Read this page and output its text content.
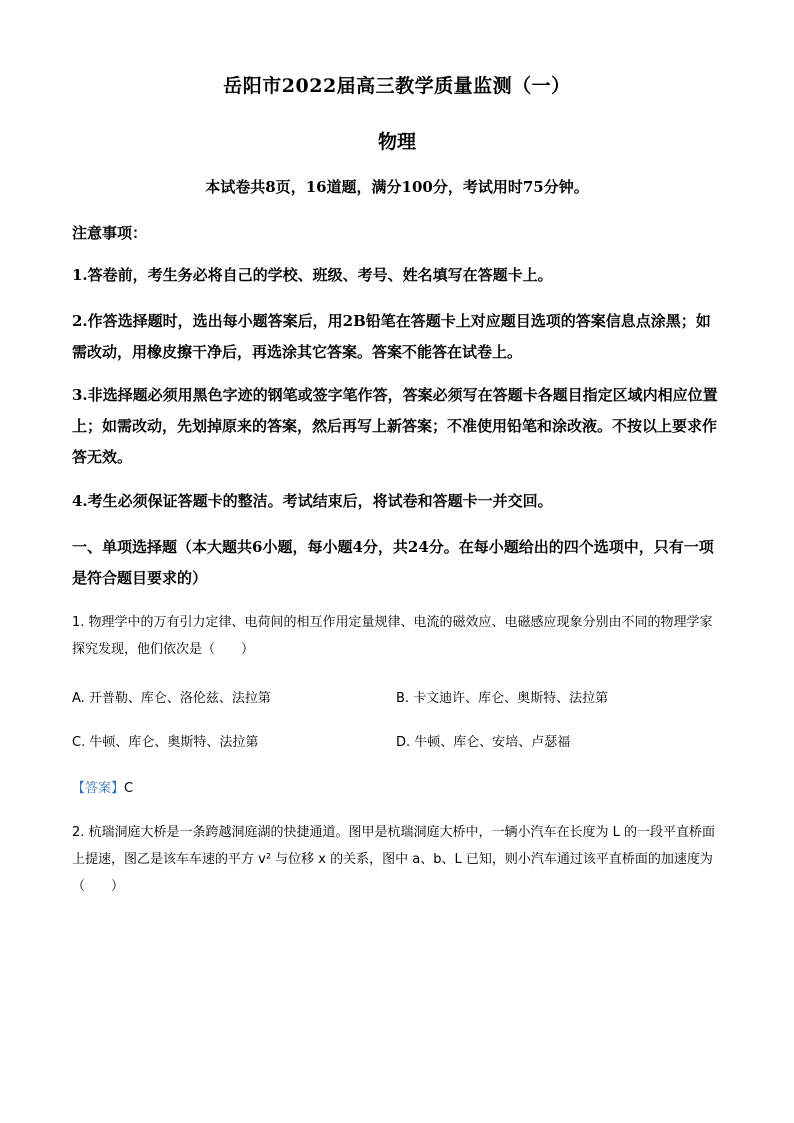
岳阳市2022届高三教学质量监测（一）
物理
本试卷共8页，16道题，满分100分，考试用时75分钟。
注意事项：
1.答卷前，考生务必将自己的学校、班级、考号、姓名填写在答题卡上。
2.作答选择题时，选出每小题答案后，用2B铅笔在答题卡上对应题目选项的答案信息点涂黑；如需改动，用橡皮擦干净后，再选涂其它答案。答案不能答在试卷上。
3.非选择题必须用黑色字迹的钢笔或签字笔作答，答案必须写在答题卡各题目指定区域内相应位置上；如需改动，先划掉原来的答案，然后再写上新答案；不准使用铅笔和涂改液。不按以上要求作答无效。
4.考生必须保证答题卡的整洁。考试结束后，将试卷和答题卡一并交回。
一、单项选择题（本大题共6小题，每小题4分，共24分。在每小题给出的四个选项中，只有一项是符合题目要求的）
1. 物理学中的万有引力定律、电荷间的相互作用定量规律、电流的磁效应、电磁感应现象分别由不同的物理学家探究发现，他们依次是（　　）
A. 开普勒、库仑、洛伦兹、法拉第	B. 卡文迪许、库仑、奥斯特、法拉第
C. 牛顿、库仑、奥斯特、法拉第	D. 牛顿、库仑、安培、卢瑟福
【答案】C
2. 杭瑞洞庭大桥是一条跨越洞庭湖的快捷通道。图甲是杭瑞洞庭大桥中，一辆小汽车在长度为 L 的一段平直桥面上提速，图乙是该车车速的平方 v² 与位移 x 的关系，图中 a、b、L 已知，则小汽车通过该平直桥面的加速度为（　　）
